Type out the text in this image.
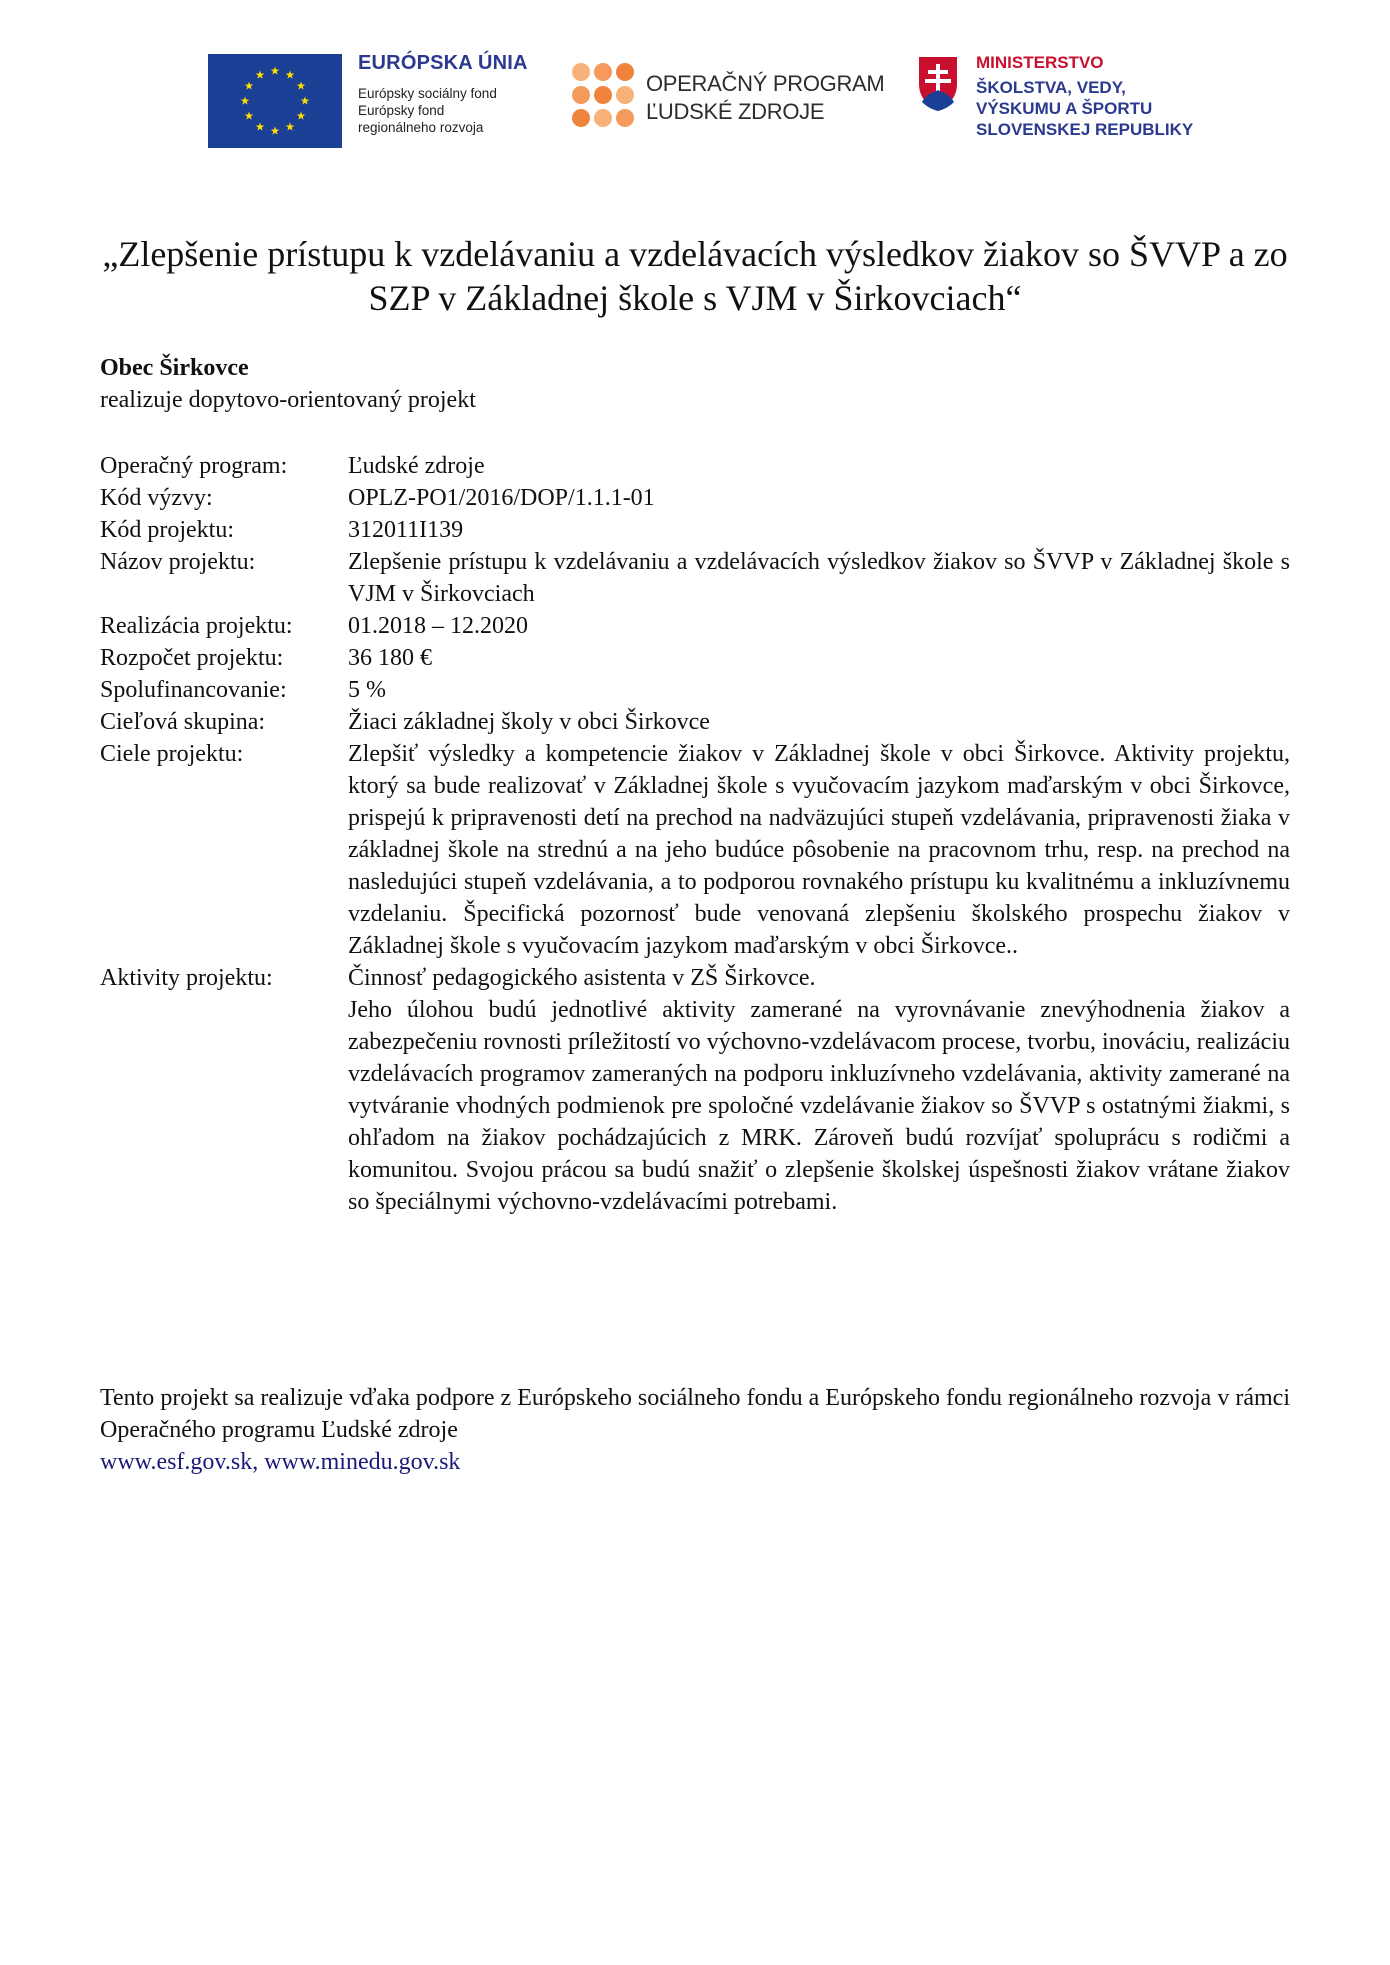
EURÓPSKA ÚNIA
Európsky sociálny fond
Európsky fond
regionálneho rozvoja
OPERAČNÝ PROGRAM
ĽUDSKÉ ZDROJE
MINISTERSTVO
ŠKOLSTVA, VEDY,
VÝSKUMU A ŠPORTU
SLOVENSKEJ REPUBLIKY
„Zlepšenie prístupu k vzdelávaniu a vzdelávacích výsledkov žiakov so ŠVVP a zo SZP v Základnej škole s VJM v Širkovciach“
Obec Širkovce
realizuje dopytovo-orientovaný projekt
Operačný program:	Ľudské zdroje
Kód výzvy:	OPLZ-PO1/2016/DOP/1.1.1-01
Kód projektu:	312011I139
Názov projektu:	Zlepšenie prístupu k vzdelávaniu a vzdelávacích výsledkov žiakov so ŠVVP v Základnej škole s VJM v Širkovciach
Realizácia projektu:	01.2018 – 12.2020
Rozpočet projektu:	36 180 €
Spolufinancovanie:	5 %
Cieľová skupina:	Žiaci základnej školy v obci Širkovce
Ciele projektu:	Zlepšiť výsledky a kompetencie žiakov v Základnej škole v obci Širkovce. Aktivity projektu, ktorý sa bude realizovať v Základnej škole s vyučovacím jazykom maďarským v obci Širkovce, prispejú k pripravenosti detí na prechod na nadväzujúci stupeň vzdelávania, pripravenosti žiaka v základnej škole na strednú a na jeho budúce pôsobenie na pracovnom trhu, resp. na prechod na nasledujúci stupeň vzdelávania, a to podporou rovnakého prístupu ku kvalitnému a inkluzívnemu vzdelaniu. Špecifická pozornosť bude venovaná zlepšeniu školského prospechu žiakov v Základnej škole s vyučovacím jazykom maďarským v obci Širkovce..
Aktivity projektu:	Činnosť pedagogického asistenta v ZŠ Širkovce.

Jeho úlohou budú jednotlivé aktivity zamerané na vyrovnávanie znevýhodnenia žiakov a zabezpečeniu rovnosti príležitostí vo výchovno-vzdelávacom procese, tvorbu, inováciu, realizáciu vzdelávacích programov zameraných na podporu inkluzívneho vzdelávania, aktivity zamerané na vytváranie vhodných podmienok pre spoločné vzdelávanie žiakov so ŠVVP s ostatnými žiakmi, s ohľadom na žiakov pochádzajúcich z MRK. Zároveň budú rozvíjať spoluprácu s rodičmi a komunitou. Svojou prácou sa budú snažiť o zlepšenie školskej úspešnosti žiakov vrátane žiakov so špeciálnymi výchovno-vzdelávacími potrebami.

Tento projekt sa realizuje vďaka podpore z Európskeho sociálneho fondu a Európskeho fondu regionálneho rozvoja v rámci Operačného programu Ľudské zdroje
www.esf.gov.sk, www.minedu.gov.sk
